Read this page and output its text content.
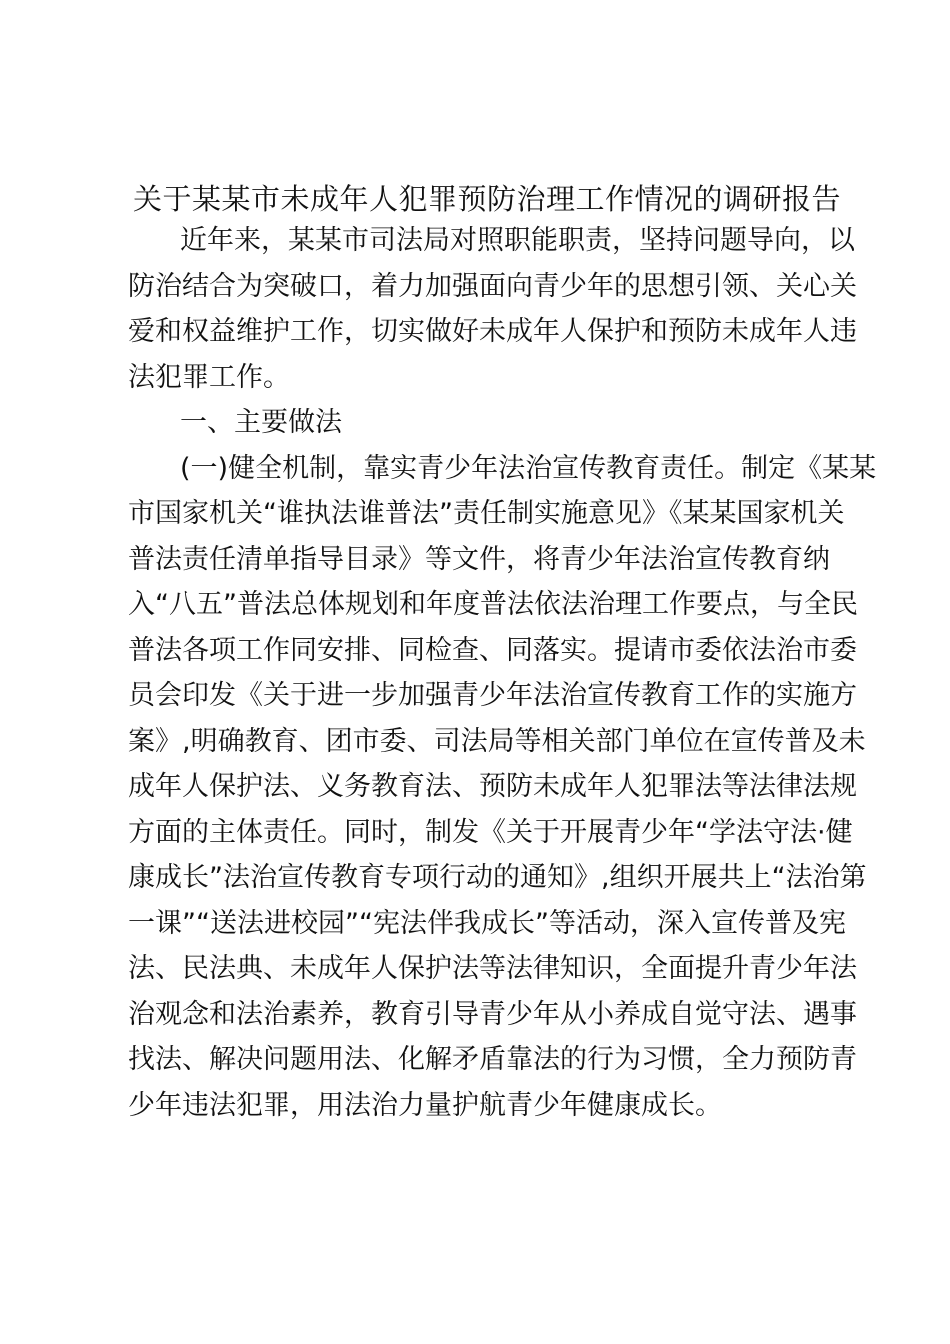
关于某某市未成年人犯罪预防治理工作情况的调研报告
近年来，某某市司法局对照职能职责，坚持问题导向，以
防治结合为突破口，着力加强面向青少年的思想引领、关心关
爱和权益维护工作，切实做好未成年人保护和预防未成年人违
法犯罪工作。
一、主要做法
(一)健全机制，靠实青少年法治宣传教育责任。制定《某某
市国家机关“谁执法谁普法”责任制实施意见》《某某国家机关
普法责任清单指导目录》等文件，将青少年法治宣传教育纳
入“八五”普法总体规划和年度普法依法治理工作要点，与全民
普法各项工作同安排、同检查、同落实。提请市委依法治市委
员会印发《关于进一步加强青少年法治宣传教育工作的实施方
案》,明确教育、团市委、司法局等相关部门单位在宣传普及未
成年人保护法、义务教育法、预防未成年人犯罪法等法律法规
方面的主体责任。同时，制发《关于开展青少年“学法守法·健
康成长”法治宣传教育专项行动的通知》,组织开展共上“法治第
一课”“送法进校园”“宪法伴我成长”等活动，深入宣传普及宪
法、民法典、未成年人保护法等法律知识，全面提升青少年法
治观念和法治素养，教育引导青少年从小养成自觉守法、遇事
找法、解决问题用法、化解矛盾靠法的行为习惯，全力预防青
少年违法犯罪，用法治力量护航青少年健康成长。
